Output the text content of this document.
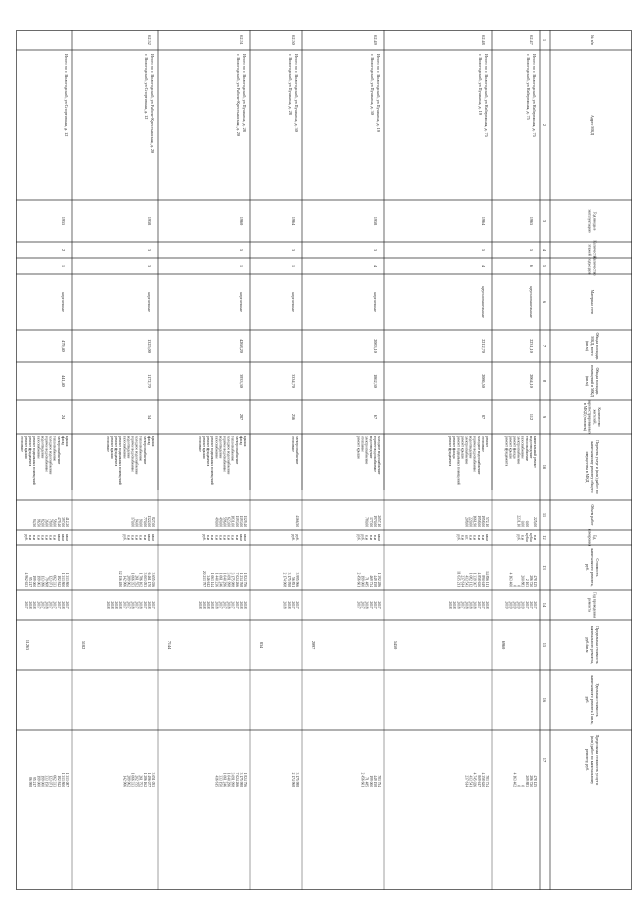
№ п/п
Адрес МКД
Год ввода в
эксплуатацию
Количество
этажей
Количество
подъездов
Материал стен
Общая площадь
МКД, всего
(кв.м)
Общая площадь
помещений в МКД
(кв.м)
Количество
жителей,
зарегистрированных
в МКД (человек)
Перечень услуг и (или) работ по
капитальному ремонту общего
имущества в МКД
Объем работ
Ед.
измерения
Стоимость
капитального ремонта,
руб.
Год проведения
ремонта
Предельная стоимость
капитального ремонта,
руб./кв.м
Удельная стоимость
капитального ремонта 1 кв.м,
руб.
Предельная стоимость услуг и
(или) работ по капитальному
ремонту, руб.
1
2
3
4
5
6
7
8
9
10
11
12
13
14
15
16
17
62.47
Итого по г. Вологодский, ул Набережная, д. 75
г. Вологодский, ул Набережная, д. 75
1965
5
6
крупнопанельные
2231,10
2064,10
112
капитальный ремонт
водоотведение
теплоснабжение
газоснабжение
электроснабжение
ремонт фасада
ремонт крыши
ремонт фундамента
225,00
0,00
0,00
2231,10
п.м
куб.м
куб.м
п.м
руб.
478 125
286 720
2 103
200 883
0
0
4 163 400
2017
2017
2017
2019
2019
2019
2019
2019
478 125
286 720
209 883
0
0
4 163 402
6960
62.48
Итого по г. Вологодский, ул Набережная, д. 75
г. Вологодский, ул Пушкина, д. 19
1964
5
4
крупнопанельные
2212,70
2086,50
87
ремонт
отопление
холодное водоснабжение
горячее водоснабжение
водоотведение
электроснабжение
ремонт крыши
ремонт подвальных помещений
ремонт фасада
ремонт фундамента
572,10
1958,00
1958,00
1661,90
220,00
208,00
кв.м
п.м
п.м
п.м
п.м
шт.
п.м
руб.
14 856 111
890 619
4 858 630
1 339 367
1 082 112
413 543
237 614
11 635 211
2018
2017
2017
2018
2018
2018
2017
2018
2018
2018
783 734
4 358 620
809 617
4 745 026
413 541
237 614
5450
62.49
Итого по г. Вологодский, ул Пушкина, д. 19
г. Вологодский, ул Пушкина, д. 30
1958
3
4
кирпичные
2083,10
1862,30
67
холодное водоснабжение
горячее водоснабжение
водоотведение
электроснабжение
отопление
ремонт крыши
2057,10
1970,00
177,00
780,00
кв.м
п.м
п.м
п.м
руб.
руб.
1 392 286
449 158
469 734
71 485
199 000
2 456 601
2017
2017
2017
2018
2017
2017
783 754
449 158
199 000
71 485
2 456 601
2097
62.50
Итого по г. Вологодский, ул Пушкина, д. 30
г. Вологодский, ул Пушкина, д. 28
1964
3
1
кирпичные
3334,70
256
электроснабжение
отопление
4166,50
руб.
руб.
3 995 966
56 851
3 175 958
2 174 968
2017
2017
2018
2018
3 175 988
2 174 968
834
62.51
Итого по г. Вологодский, ул Пушкина, д. 28
г. Вологодский, ул Рабоче-Крестьянская, д. 20
1960
5
1
кирпичные
4268,20
3933,30
287
крыша
фасад
электроснабжение
теплоснабжение
холодное водоснабжение
горячее водоснабжение
водоотведение
газоснабжение
ремонт подвальных помещений
ремонт фундамента
ремонт крыши
отопление
1129,40
1193,00
1193,00
1831,00
623,00
596,00
490,00
490,00
кв.м
кв.м
п.м
п.м
п.м
п.м
п.м
п.м
п.м
п.м
руб.
1 824 756
1 234 768
7 024 266
3 175 988
3 091 998
1 040 296
1 061 246
1 440 236
1 063 144
346 612
20 213 797
2018
2018
2017
2017
2018
2017
2017
2018
2018
2018
2018
2018
1 824 756
3 175 988
7 024 266
3 091 998
1 040 296
1 061 246
333 150
416 615
7144
62.52
Итого по г. Вологодский, ул Рабоче-Крестьянская, д. 20
г. Вологодский, ул Спортивная, д. 12
1958
3
3
кирпичные
1325,00
1172,70
34
крыша
фасад
электроснабжение
теплоснабжение
холодное водоснабжение
горячее водоснабжение
водоотведение
газоснабжение
ремонт подвальных помещений
ремонт фундамента
ремонт крыши
отопление
827,00
1322,00
770,00
90,00
94,00
170,00
кв.м
кв.м
п.м
п.м
п.м
п.м
п.м
руб.
3 655 036
6 461 170
3 003 053
1 786 162
261 552
1 066 353
289 962
142 966
12 116 480
2017
2018
2017
2018
2017
2018
2017
2017
2018
2018
2018
2018
3 051 053
1 496 077
1 286 162
261 752
202 755
1 066 333
289 962
142 966
5182
Итого по г. Вологодский, ул Спортивная, д. 12
1955
2
1
кирпичные
479,40
441,40
24
крыша
фасад
электроснабжение
теплоснабжение
холодное водоснабжение
горячее водоснабжение
водоотведение
газоснабжение
ремонт подвальных помещений
ремонт фундамента
ремонт крыши
отопление
412,20
397,00
479,40
58,00
78,00
36,00
82,00
96,50
94,50
кв.м
кв.м
кв.м
п.м
п.м
п.м
п.м
п.м
п.м
п.м
руб.
1 313 800
1 313 800
182 842
662 333
123 071
79 808
113 096
199 063
199 000
95 217
4 962 633
2017
2018
2017
2017
2017
2018
2017
2017
2018
2018
2017
1 313 087
1 313 800
182 842
662 333
123 071
333 150
199 000
199 000
95 217
86 988
11263
